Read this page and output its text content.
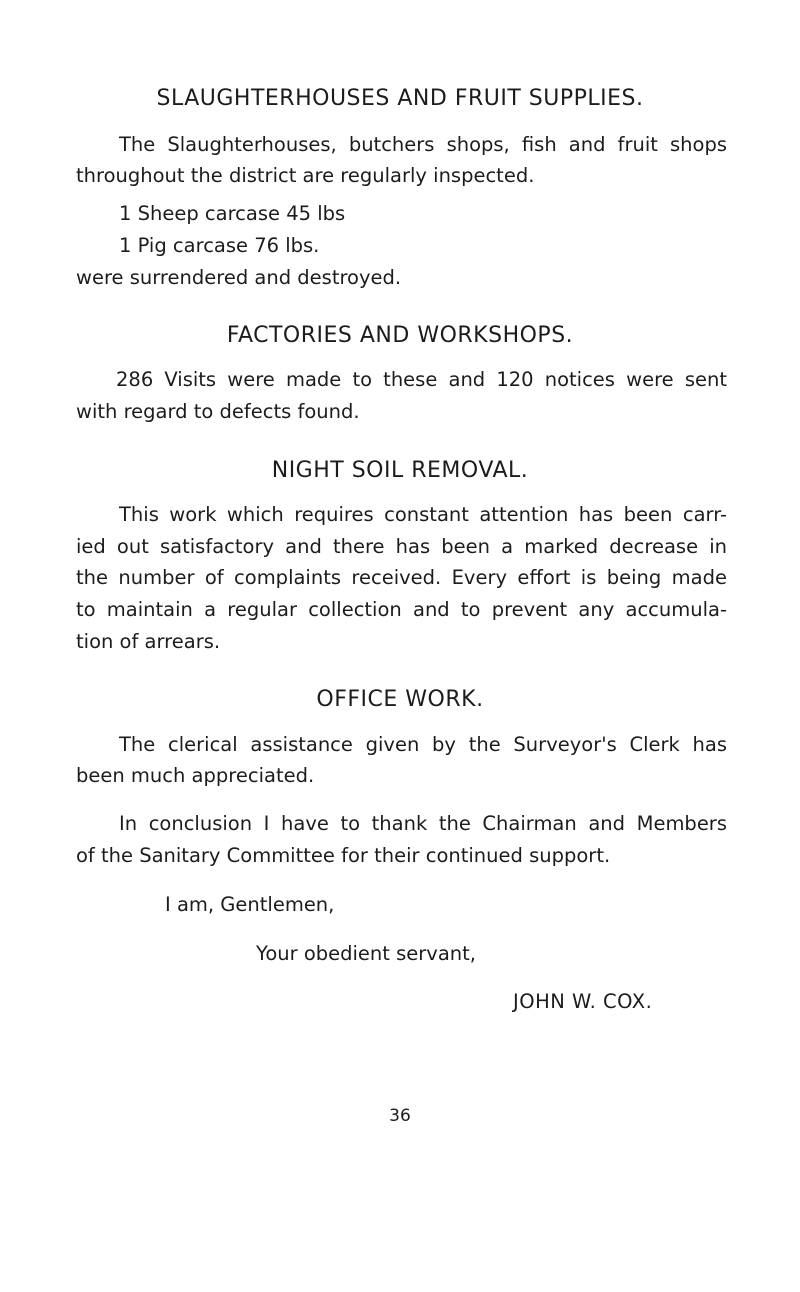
SLAUGHTERHOUSES AND FRUIT SUPPLIES.

The Slaughterhouses, butchers shops, fish and fruit shops

throughout the district are regularly inspected.

1 Sheep carcase 45 lbs

1 Pig carcase 76 lbs.

were surrendered and destroyed.

FACTORIES AND WORKSHOPS.

286 Visits were made to these and 120 notices were sent

with regard to defects found.

NIGHT SOIL REMOVAL.

This work which requires constant attention has been carr-

ied out satisfactory and there has been a marked decrease in

the number of complaints received. Every effort is being made

to maintain a regular collection and to prevent any accumula-

tion of arrears.

OFFICE WORK.

The clerical assistance given by the Surveyor's Clerk has

been much appreciated.

In conclusion I have to thank the Chairman and Members

of the Sanitary Committee for their continued support.

I am, Gentlemen,

Your obedient servant,

JOHN W. COX.

36
